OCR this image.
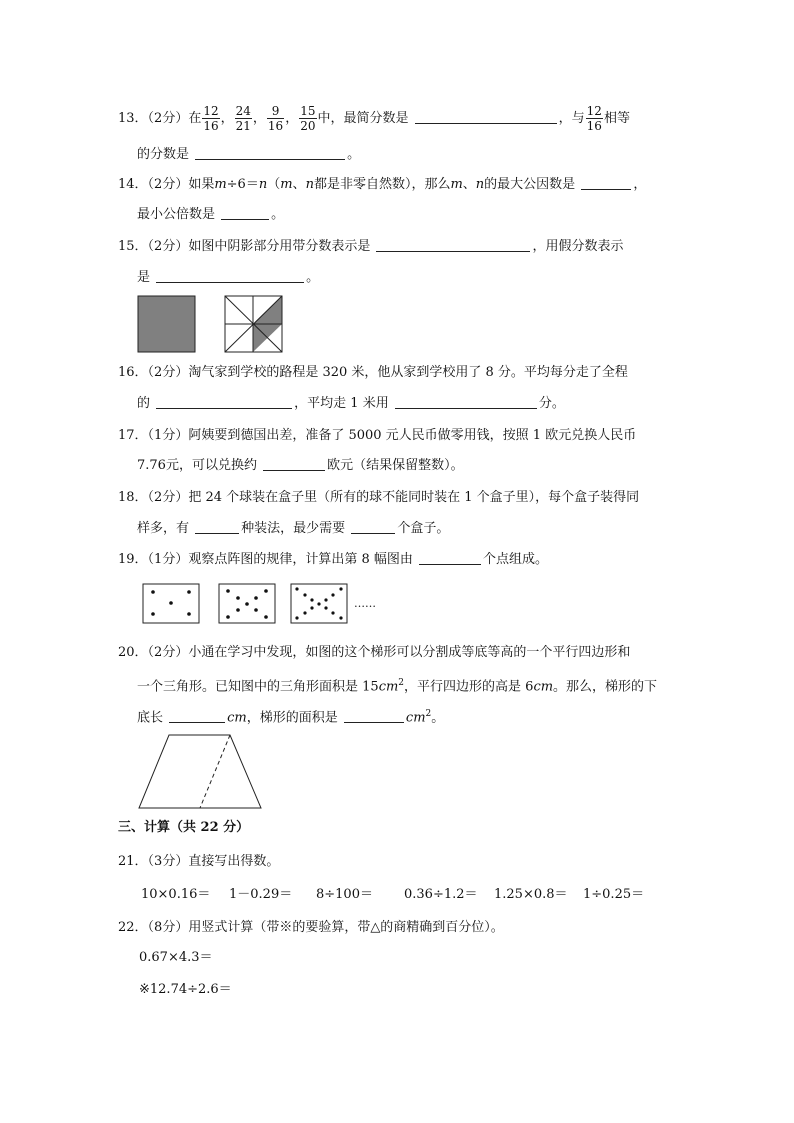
13．（2分）在 $\frac{12}{16}$ ， $\frac{24}{21}$ ， $\frac{9}{16}$ ， $\frac{15}{20}$ 中，最简分数是	，与 $\frac{12}{16}$ 相等
的分数是	。
14．（2分）如果m÷6＝n（m、n都是非零自然数），那么m、n的最大公因数是	，
最小公倍数是	。
15．（2分）如图中阴影部分用带分数表示是	，用假分数表示
是	。
16．（2分）淘气家到学校的路程是 320 米，他从家到学校用了 8 分。平均每分走了全程
的	，平均走 1 米用	分。
17．（1分）阿姨要到德国出差，准备了 5000 元人民币做零用钱，按照 1 欧元兑换人民币
7.76元，可以兑换约	欧元（结果保留整数）。
18．（2分）把 24 个球装在盒子里（所有的球不能同时装在 1 个盒子里），每个盒子装得同
样多，有	种装法，最少需要	个盒子。
19．（1分）观察点阵图的规律，计算出第 8 幅图由	个点组成。
……
20．（2分）小通在学习中发现，如图的这个梯形可以分割成等底等高的一个平行四边形和
一个三角形。已知图中的三角形面积是 $15cm^2$，平行四边形的高是 6cm。那么，梯形的下
底长	cm，梯形的面积是	$cm^2$。
三、计算（共 22 分）
21．（3分）直接写出得数。
10×0.16＝ 1－0.29＝ 8÷100＝ 0.36÷1.2＝ 1.25×0.8＝ 1÷0.25＝
22．（8分）用竖式计算（带※的要验算，带△的商精确到百分位）。
0.67×4.3＝
※12.74÷2.6＝
